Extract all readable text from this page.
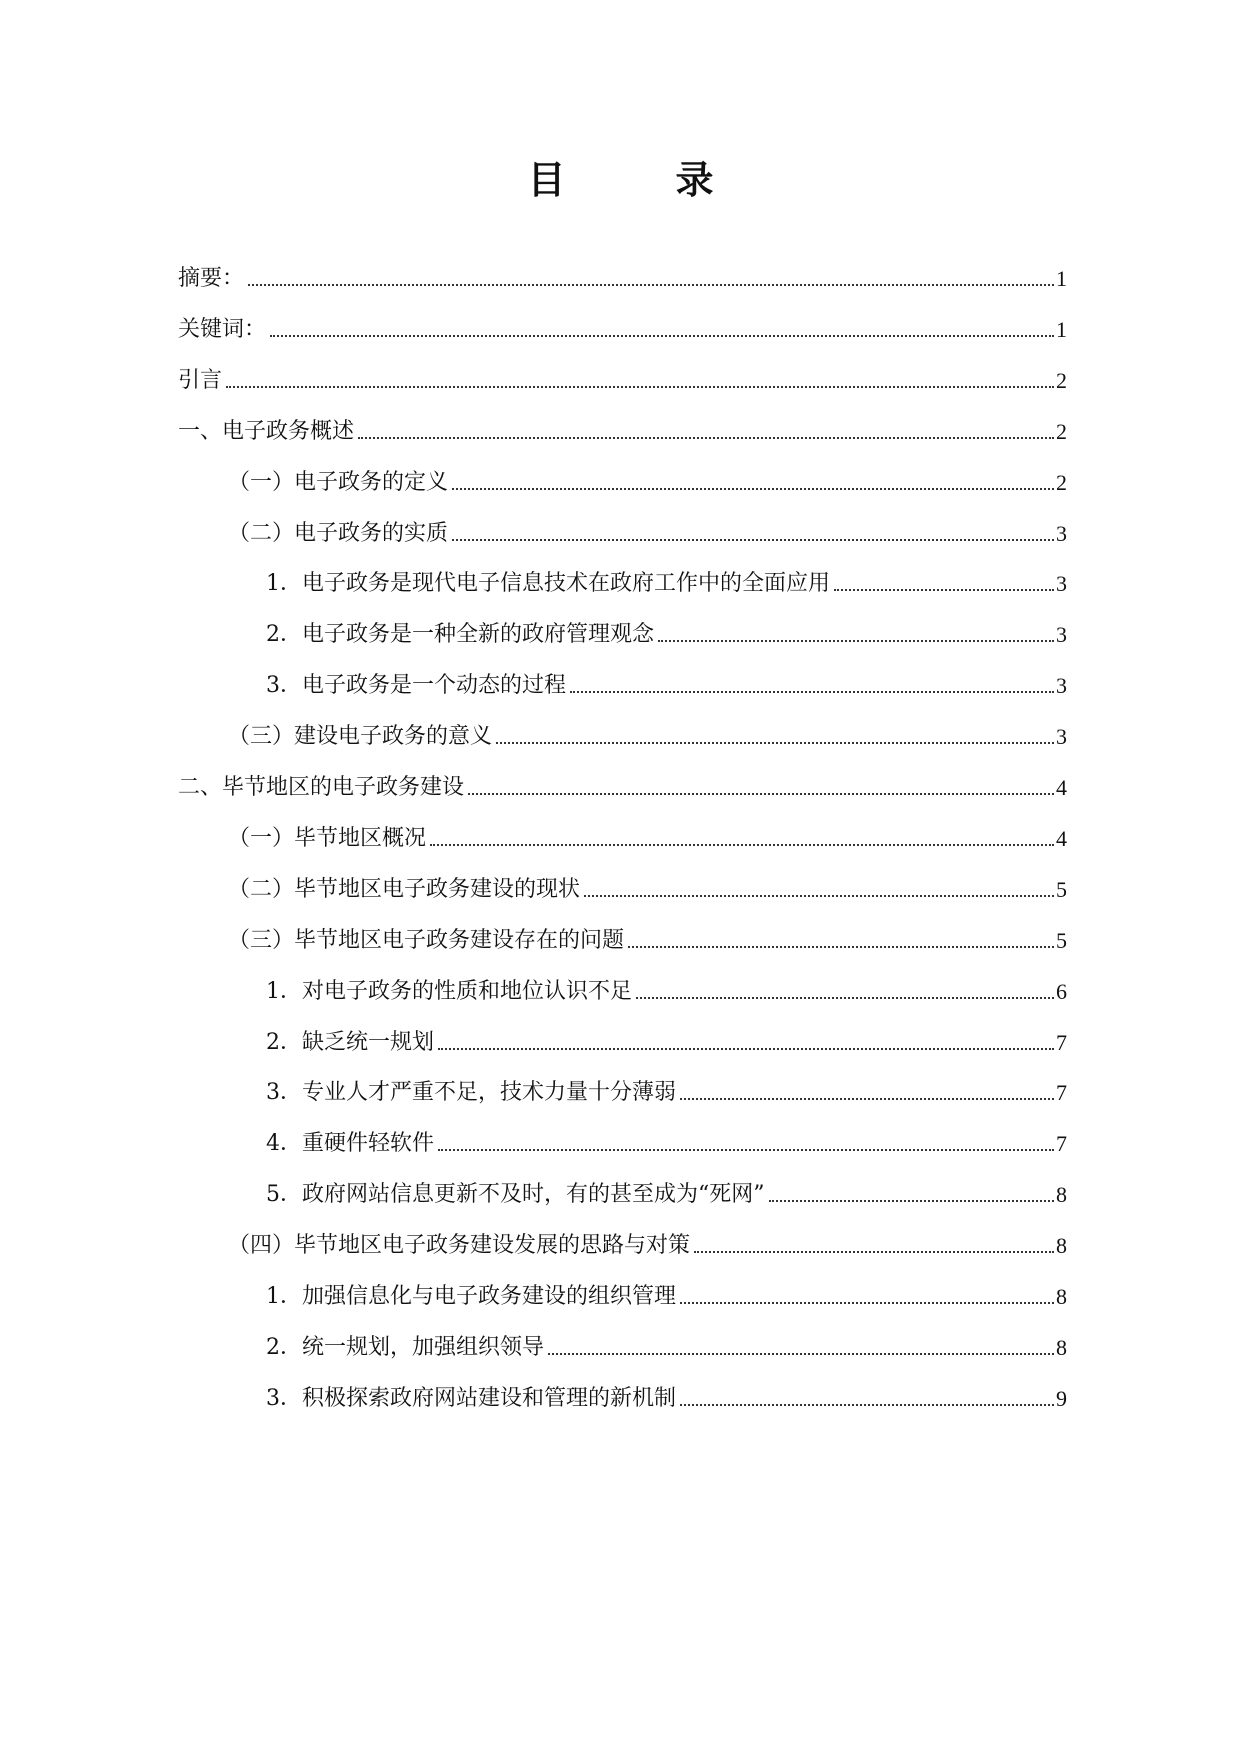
目　录
摘要：	1
关键词：	1
引言	2
一、电子政务概述	2
（一）电子政务的定义	2
（二）电子政务的实质	3
1．电子政务是现代电子信息技术在政府工作中的全面应用	3
2．电子政务是一种全新的政府管理观念	3
3．电子政务是一个动态的过程	3
（三）建设电子政务的意义	3
二、毕节地区的电子政务建设	4
（一）毕节地区概况	4
（二）毕节地区电子政务建设的现状	5
（三）毕节地区电子政务建设存在的问题	5
1．对电子政务的性质和地位认识不足	6
2．缺乏统一规划	7
3．专业人才严重不足，技术力量十分薄弱	7
4．重硬件轻软件	7
5．政府网站信息更新不及时，有的甚至成为“死网”	8
（四）毕节地区电子政务建设发展的思路与对策	8
1．加强信息化与电子政务建设的组织管理	8
2．统一规划，加强组织领导	8
3．积极探索政府网站建设和管理的新机制	9
